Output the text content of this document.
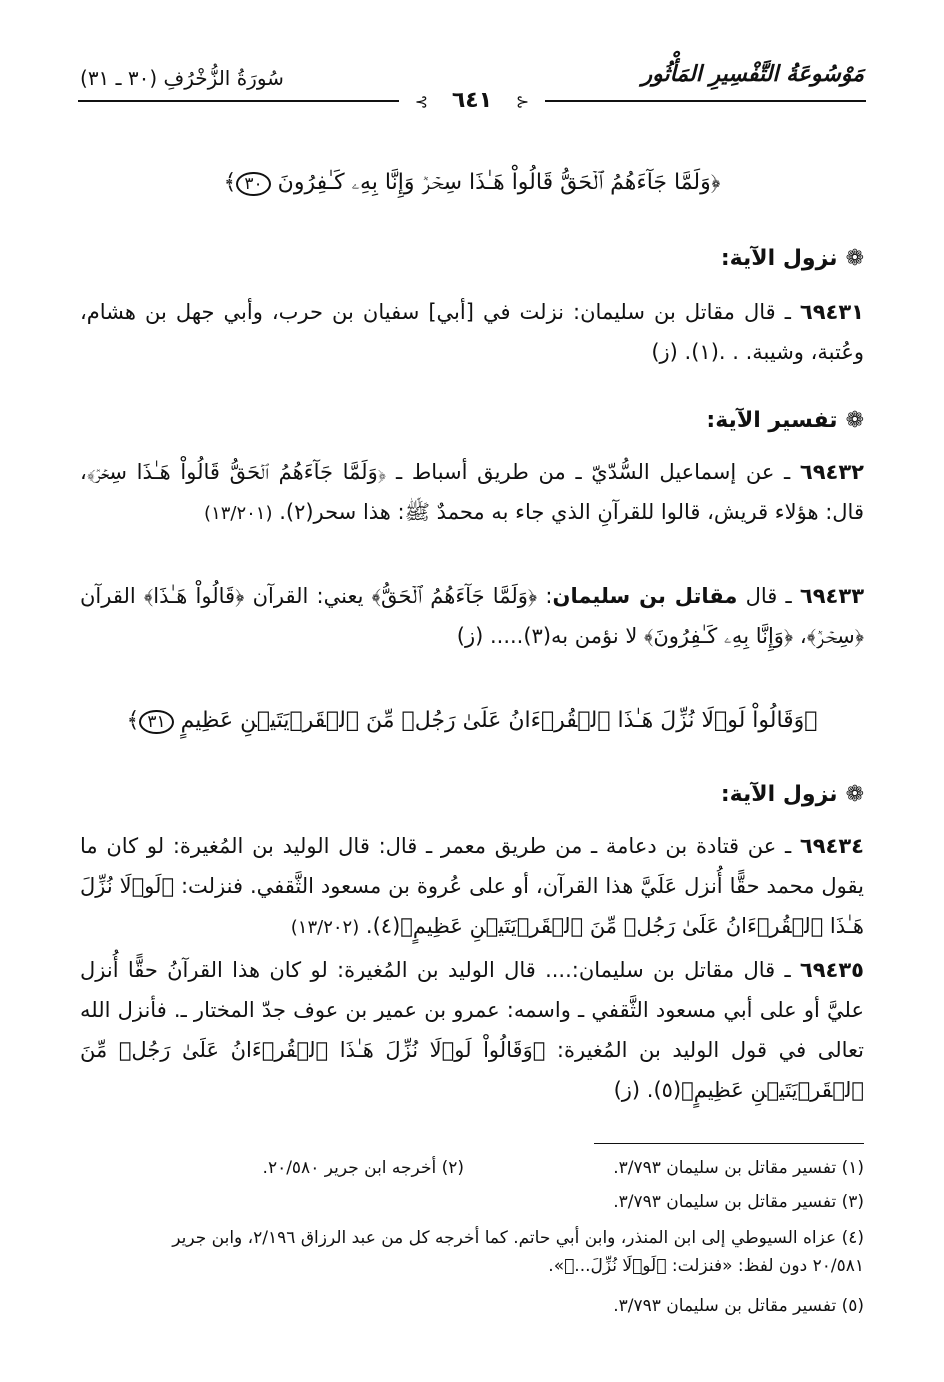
مَوْسُوعَةُ التَّفْسِيرِ المَأْثُور
سُورَةُ الزُّخْرُفِ (٣٠ ـ ٣١)
⊰ ٦٤١ ⊱
﴿وَلَمَّا جَآءَهُمُ ٱلۡحَقُّ قَالُواْ هَـٰذَا سِحۡرٞ وَإِنَّا بِهِۦ كَـٰفِرُونَ ٣٠﴾
❁نزول الآية:
٦٩٤٣١ ـ قال مقاتل بن سليمان: نزلت في [أبي] سفيان بن حرب، وأبي جهل بن هشام، وعُتبة، وشيبة. . .(١). (ز)
❁تفسير الآية:
٦٩٤٣٢ ـ عن إسماعيل السُّدّيّ ـ من طريق أسباط ـ ﴿وَلَمَّا جَآءَهُمُ ٱلۡحَقُّ قَالُواْ هَـٰذَا سِحۡرٞ﴾، قال: هؤلاء قريش، قالوا للقرآنِ الذي جاء به محمدٌ ﷺ: هذا سحر(٢). (١٣/٢٠١)
٦٩٤٣٣ ـ قال مقاتل بن سليمان: ﴿وَلَمَّا جَآءَهُمُ ٱلۡحَقُّ﴾ يعني: القرآن ﴿قَالُواْ هَـٰذَا﴾ القرآن ﴿سِحۡرٞ﴾، ﴿وَإِنَّا بِهِۦ كَـٰفِرُونَ﴾ لا نؤمن به(٣)..... (ز)
﴿وَقَالُواْ لَوۡلَا نُزِّلَ هَـٰذَا ٱلۡقُرۡءَانُ عَلَىٰ رَجُلٖ مِّنَ ٱلۡقَرۡيَتَيۡنِ عَظِيمٍ ٣١﴾
❁نزول الآية:
٦٩٤٣٤ ـ عن قتادة بن دعامة ـ من طريق معمر ـ قال: قال الوليد بن المُغيرة: لو كان ما يقول محمد حقًّا أُنزل عَلَيَّ هذا القرآن، أو على عُروة بن مسعود الثَّقفي. فنزلت: ﴿لَوۡلَا نُزِّلَ هَـٰذَا ٱلۡقُرۡءَانُ عَلَىٰ رَجُلٖ مِّنَ ٱلۡقَرۡيَتَيۡنِ عَظِيمٍ﴾(٤). (١٣/٢٠٢)
٦٩٤٣٥ ـ قال مقاتل بن سليمان:.... قال الوليد بن المُغيرة: لو كان هذا القرآنُ حقًّا أُنزل عليَّ أو على أبي مسعود الثَّقفي ـ واسمه: عمرو بن عمير بن عوف جدّ المختار ـ. فأنزل الله تعالى في قول الوليد بن المُغيرة: ﴿وَقَالُواْ لَوۡلَا نُزِّلَ هَـٰذَا ٱلۡقُرۡءَانُ عَلَىٰ رَجُلٖ مِّنَ ٱلۡقَرۡيَتَيۡنِ عَظِيمٍ﴾(٥). (ز)
(١) تفسير مقاتل بن سليمان ٣/٧٩٣.
(٢) أخرجه ابن جرير ٢٠/٥٨٠.
(٣) تفسير مقاتل بن سليمان ٣/٧٩٣.
(٤) عزاه السيوطي إلى ابن المنذر، وابن أبي حاتم. كما أخرجه كل من عبد الرزاق ٢/١٩٦، وابن جرير
٢٠/٥٨١ دون لفظ: «فنزلت: ﴿لَوۡلَا نُزِّلَ...﴾».
(٥) تفسير مقاتل بن سليمان ٣/٧٩٣.
